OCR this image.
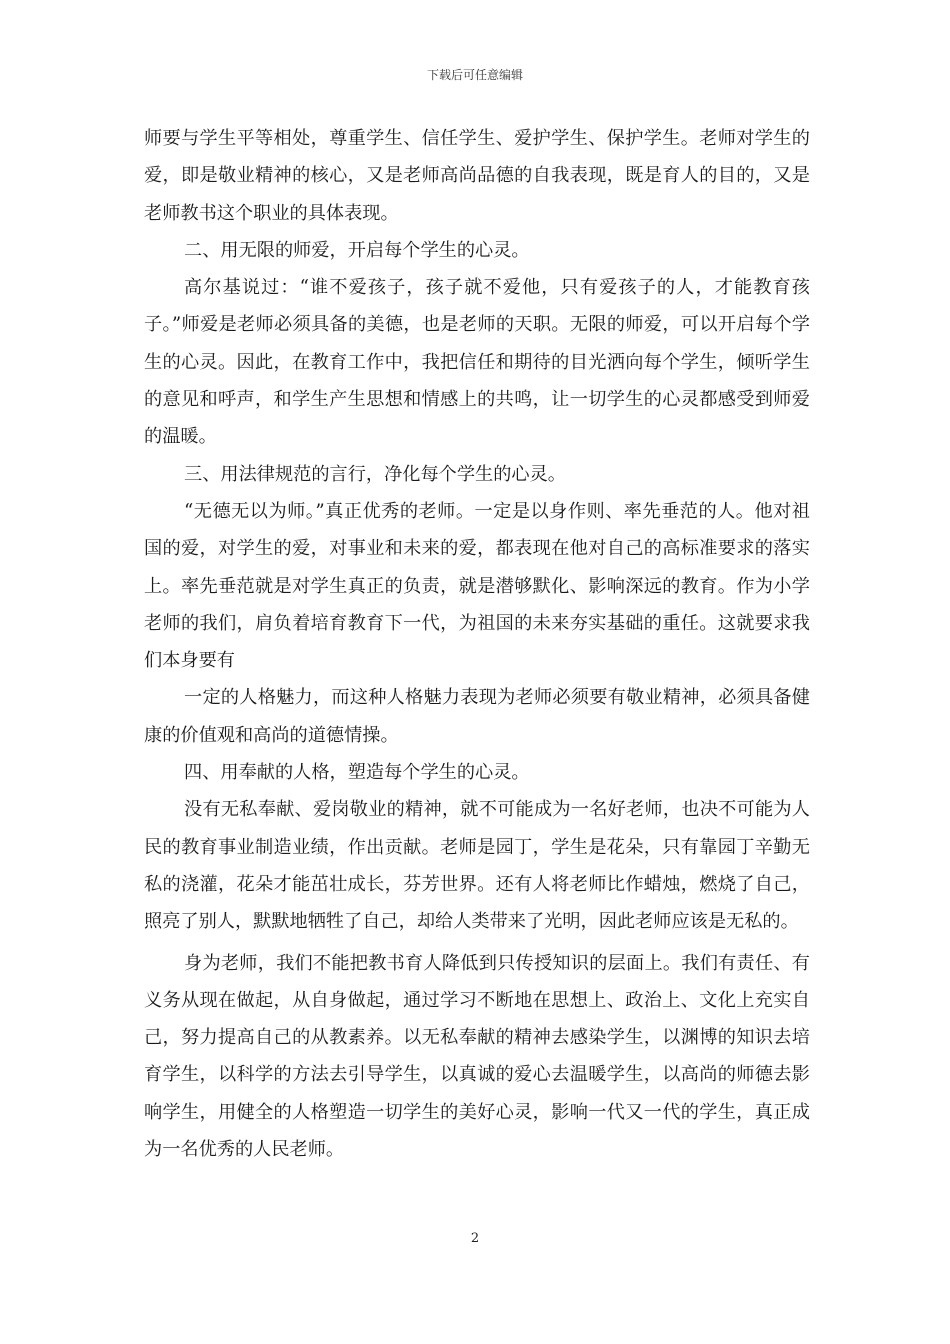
下载后可任意编辑

师要与学生平等相处，尊重学生、信任学生、爱护学生、保护学生。老师对学生的爱，即是敬业精神的核心，又是老师高尚品德的自我表现，既是育人的目的，又是老师教书这个职业的具体表现。

二、用无限的师爱，开启每个学生的心灵。

高尔基说过：“谁不爱孩子，孩子就不爱他，只有爱孩子的人，才能教育孩子。”师爱是老师必须具备的美德，也是老师的天职。无限的师爱，可以开启每个学生的心灵。因此，在教育工作中，我把信任和期待的目光洒向每个学生，倾听学生的意见和呼声，和学生产生思想和情感上的共鸣，让一切学生的心灵都感受到师爱的温暖。

三、用法律规范的言行，净化每个学生的心灵。

“无德无以为师。”真正优秀的老师。一定是以身作则、率先垂范的人。他对祖国的爱，对学生的爱，对事业和未来的爱，都表现在他对自己的高标准要求的落实上。率先垂范就是对学生真正的负责，就是潜够默化、影响深远的教育。作为小学老师的我们，肩负着培育教育下一代，为祖国的未来夯实基础的重任。这就要求我们本身要有

一定的人格魅力，而这种人格魅力表现为老师必须要有敬业精神，必须具备健康的价值观和高尚的道德情操。

四、用奉献的人格，塑造每个学生的心灵。

没有无私奉献、爱岗敬业的精神，就不可能成为一名好老师，也决不可能为人民的教育事业制造业绩，作出贡献。老师是园丁，学生是花朵，只有靠园丁辛勤无私的浇灌，花朵才能茁壮成长，芬芳世界。还有人将老师比作蜡烛，燃烧了自己，照亮了别人，默默地牺牲了自己，却给人类带来了光明，因此老师应该是无私的。

身为老师，我们不能把教书育人降低到只传授知识的层面上。我们有责任、有义务从现在做起，从自身做起，通过学习不断地在思想上、政治上、文化上充实自己，努力提高自己的从教素养。以无私奉献的精神去感染学生，以渊博的知识去培育学生，以科学的方法去引导学生，以真诚的爱心去温暖学生，以高尚的师德去影响学生，用健全的人格塑造一切学生的美好心灵，影响一代又一代的学生，真正成为一名优秀的人民老师。

2
